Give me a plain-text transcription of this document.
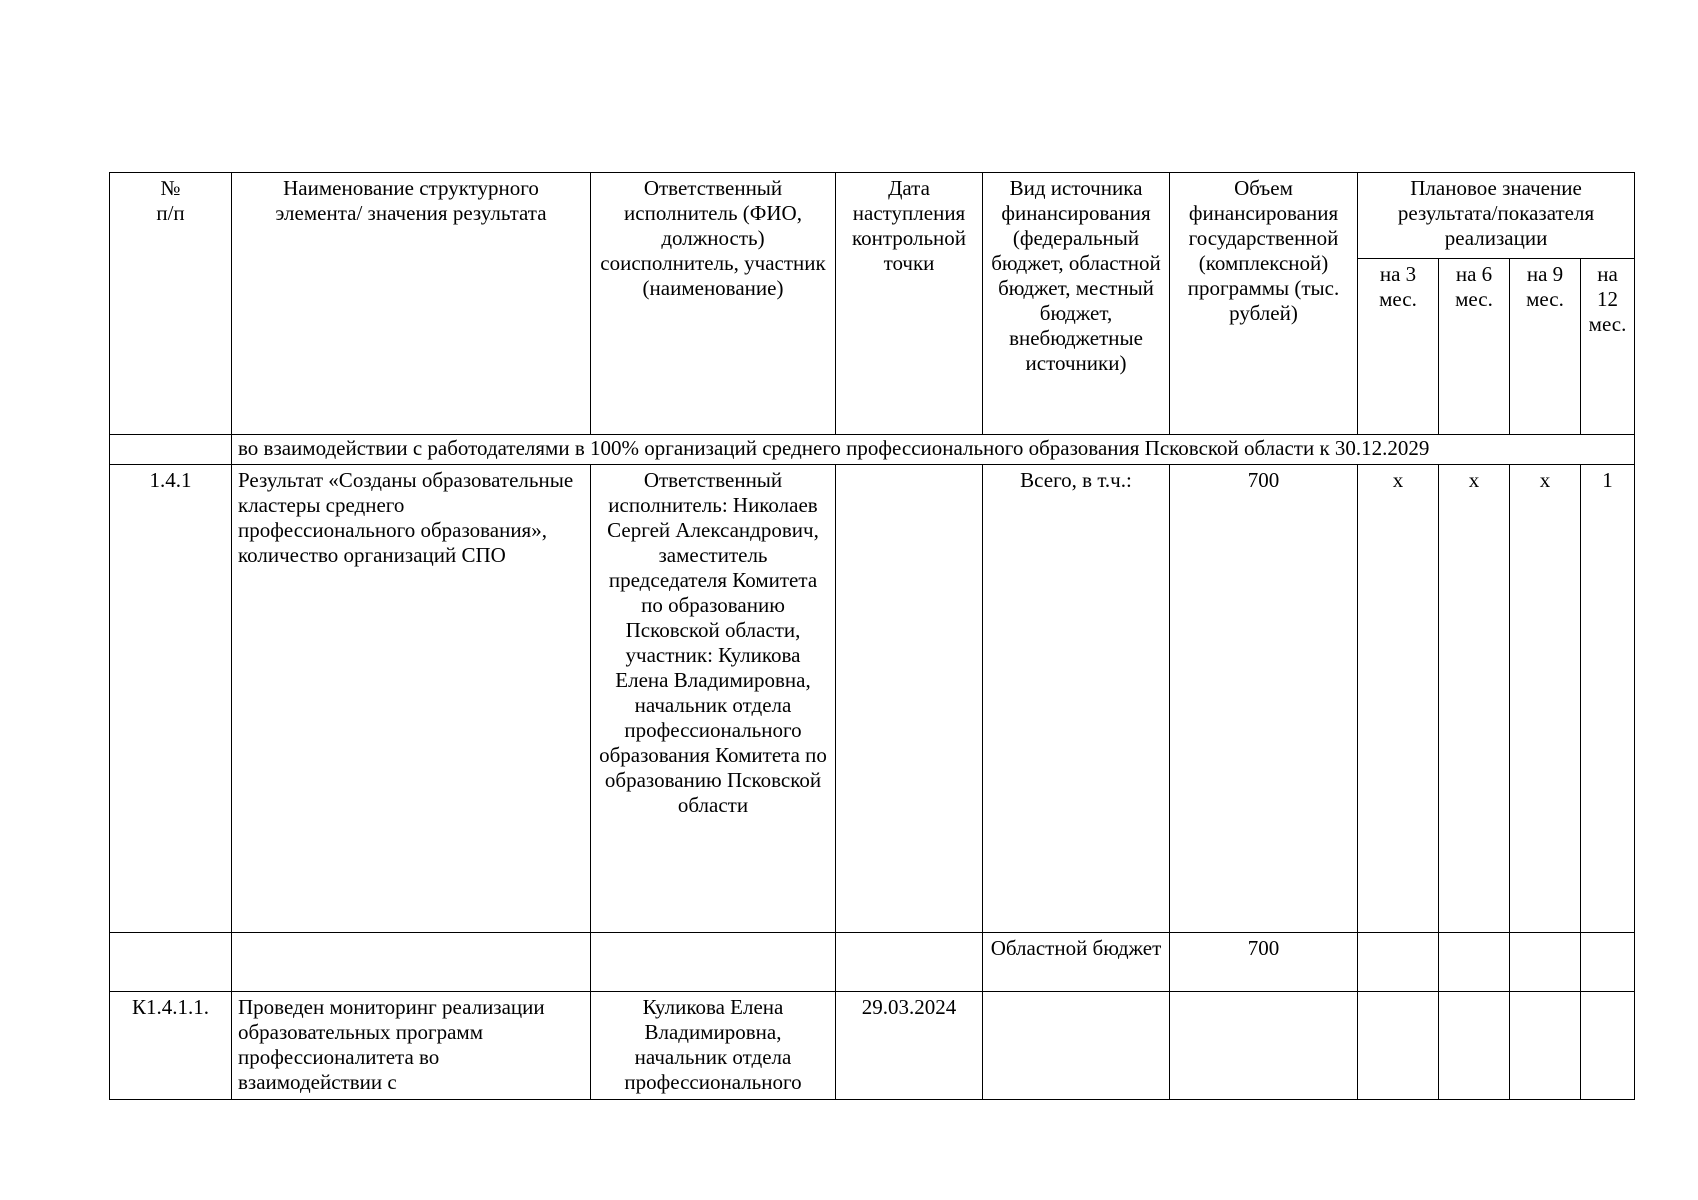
№
п/п	Наименование структурного элемента/ значения результата	Ответственный исполнитель (ФИО, должность) соисполнитель, участник (наименование)	Дата наступления контрольной точки	Вид источника финансирования (федеральный бюджет, областной бюджет, местный бюджет, внебюджетные источники)	Объем финансирования государственной (комплексной) программы (тыс. рублей)	Плановое значение результата/показателя реализации			
						на 3 мес.	на 6 мес.	на 9 мес.	на 12 мес.
	во взаимодействии с работодателями в 100% организаций среднего профессионального образования Псковской области к 30.12.2029								
1.4.1	Результат «Созданы образовательные кластеры среднего профессионального образования», количество организаций СПО	Ответственный исполнитель: Николаев Сергей Александрович, заместитель председателя Комитета по образованию Псковской области, участник: Куликова Елена Владимировна, начальник отдела профессионального образования Комитета по образованию Псковской области		Всего, в т.ч.:	700	х	х	х	1
				Областной бюджет	700				
К1.4.1.1.	Проведен мониторинг реализации образовательных программ профессионалитета во взаимодействии с	Куликова Елена Владимировна, начальник отдела профессионального	29.03.2024						
